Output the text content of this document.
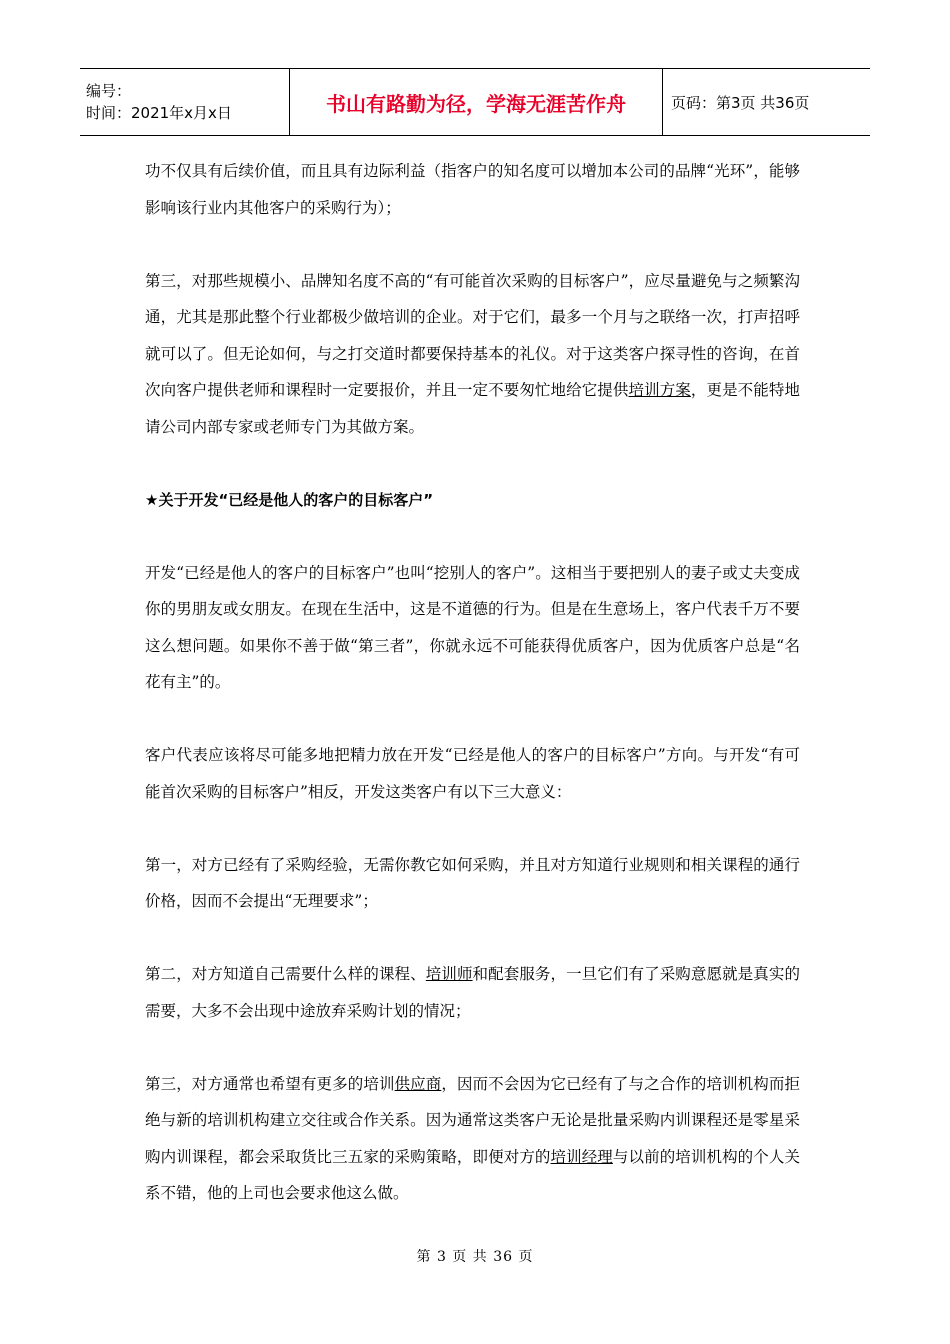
编号：
时间：2021年x月x日	书山有路勤为径，学海无涯苦作舟	页码：第3页 共36页

功不仅具有后续价值，而且具有边际利益（指客户的知名度可以增加本公司的品牌“光环”，能够影响该行业内其他客户的采购行为）；

第三，对那些规模小、品牌知名度不高的“有可能首次采购的目标客户”，应尽量避免与之频繁沟通，尤其是那此整个行业都极少做培训的企业。对于它们，最多一个月与之联络一次，打声招呼就可以了。但无论如何，与之打交道时都要保持基本的礼仪。对于这类客户探寻性的咨询，在首次向客户提供老师和课程时一定要报价，并且一定不要匆忙地给它提供培训方案，更是不能特地请公司内部专家或老师专门为其做方案。

★关于开发“已经是他人的客户的目标客户”

开发“已经是他人的客户的目标客户”也叫“挖别人的客户”。这相当于要把别人的妻子或丈夫变成你的男朋友或女朋友。在现在生活中，这是不道德的行为。但是在生意场上，客户代表千万不要这么想问题。如果你不善于做“第三者”，你就永远不可能获得优质客户，因为优质客户总是“名花有主”的。

客户代表应该将尽可能多地把精力放在开发“已经是他人的客户的目标客户”方向。与开发“有可能首次采购的目标客户”相反，开发这类客户有以下三大意义：

第一，对方已经有了采购经验，无需你教它如何采购，并且对方知道行业规则和相关课程的通行价格，因而不会提出“无理要求”；

第二，对方知道自己需要什么样的课程、培训师和配套服务，一旦它们有了采购意愿就是真实的需要，大多不会出现中途放弃采购计划的情况；

第三，对方通常也希望有更多的培训供应商，因而不会因为它已经有了与之合作的培训机构而拒绝与新的培训机构建立交往或合作关系。因为通常这类客户无论是批量采购内训课程还是零星采购内训课程，都会采取货比三五家的采购策略，即便对方的培训经理与以前的培训机构的个人关系不错，他的上司也会要求他这么做。

第 3 页 共 36 页
